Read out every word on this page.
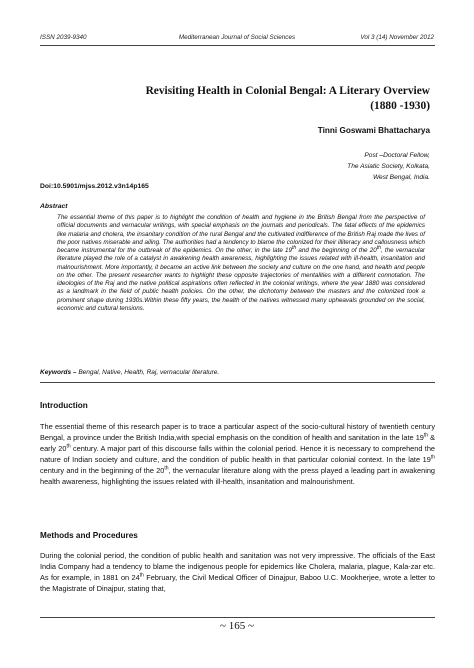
ISSN 2039-9340	Mediterranean Journal of Social Sciences	Vol 3 (14) November 2012
Revisiting Health in Colonial Bengal: A Literary Overview
(1880 -1930)
Tinni Goswami Bhattacharya
Post –Doctoral Fellow,
The Asiatic Society, Kolkata,
West Bengal, India.
Doi:10.5901/mjss.2012.v3n14p165
Abstract

The essential theme of this paper is to highlight the condition of health and hygiene in the British Bengal from the perspective of official documents and vernacular writings, with special emphasis on the journals and periodicals. The fatal effects of the epidemics like malaria and cholera, the insanitary condition of the rural Bengal and the cultivated indifference of the British Raj made the lives of the poor natives miserable and ailing. The authorities had a tendency to blame the colonized for their illiteracy and callousness which became instrumental for the outbreak of the epidemics. On the other, in the late 19th and the beginning of the 20th, the vernacular literature played the role of a catalyst in awakening health awareness, highlighting the issues related with ill-health, insanitation and malnourishment. More importantly, it became an active link between the society and culture on the one hand, and health and people on the other. The present researcher wants to highlight these opposite trajectories of mentalities with a different connotation. The ideologies of the Raj and the native political aspirations often reflected in the colonial writings, where the year 1880 was considered as a landmark in the field of public health policies. On the other, the dichotomy between the masters and the colonized took a prominent shape during 1930s.Within these fifty years, the health of the natives witnessed many upheavals grounded on the social, economic and cultural tensions.

Keywords – Bengal, Native, Health, Raj, vernacular literature.
Introduction

The essential theme of this research paper is to trace a particular aspect of the socio-cultural history of twentieth century Bengal, a province under the British India,with special emphasis on the condition of health and sanitation in the late 19th & early 20th century. A major part of this discourse falls within the colonial period. Hence it is necessary to comprehend the nature of Indian society and culture, and the condition of public health in that particular colonial context. In the late 19th century and in the beginning of the 20th, the vernacular literature along with the press played a leading part in awakening health awareness, highlighting the issues related with ill-health, insanitation and malnourishment.

Methods and Procedures

During the colonial period, the condition of public health and sanitation was not very impressive. The officials of the East India Company had a tendency to blame the indigenous people for epidemics like Cholera, malaria, plague, Kala-zar etc. As for example, in 1881 on 24th February, the Civil Medical Officer of Dinajpur, Baboo U.C. Mookherjee, wrote a letter to the Magistrate of Dinajpur, stating that,

~ 165 ~
